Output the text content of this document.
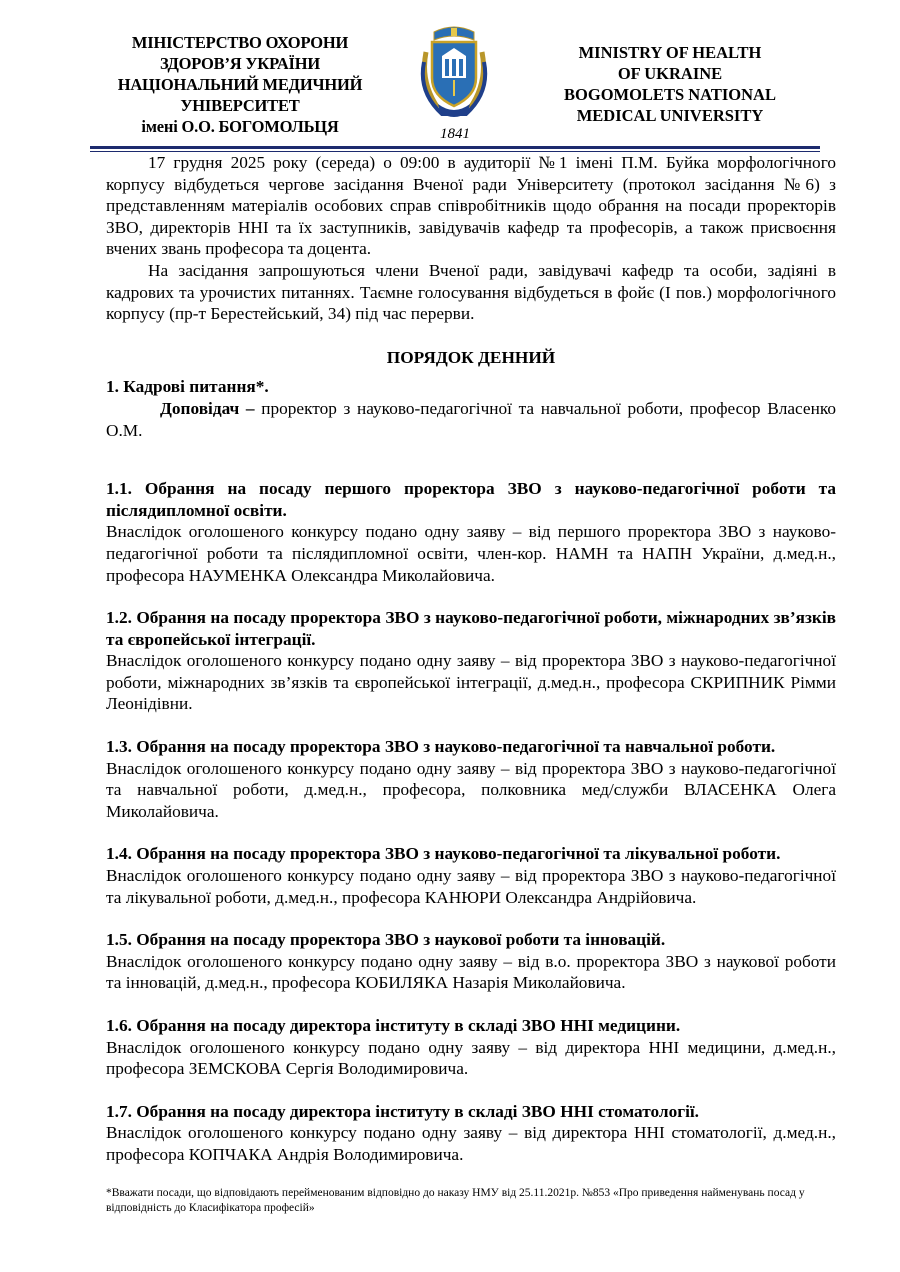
МІНІСТЕРСТВО ОХОРОНИ
ЗДОРОВ’Я УКРАЇНИ
НАЦІОНАЛЬНИЙ МЕДИЧНИЙ
УНІВЕРСИТЕТ
імені О.О. БОГОМОЛЬЦЯ	1841
MINISTRY OF HEALTH
OF UKRAINE
BOGOMOLETS NATIONAL
MEDICAL UNIVERSITY

17 грудня 2025 року (середа) о 09:00 в аудиторії №1 імені П.М. Буйка морфологічного корпусу відбудеться чергове засідання Вченої ради Університету (протокол засідання №6) з представленням матеріалів особових справ співробітників щодо обрання на посади проректорів ЗВО, директорів ННІ та їх заступників, завідувачів кафедр та професорів, а також присвоєння вчених звань професора та доцента.

На засідання запрошуються члени Вченої ради, завідувачі кафедр та особи, задіяні в кадрових та урочистих питаннях. Таємне голосування відбудеться в фойє (І пов.) морфологічного корпусу (пр-т Берестейський, 34) під час перерви.

ПОРЯДОК ДЕННИЙ

1. Кадрові питання*.

Доповідач – проректор з науково-педагогічної та навчальної роботи, професор Власенко О.М.

1.1. Обрання на посаду першого проректора ЗВО з науково-педагогічної роботи та післядипломної освіти.

Внаслідок оголошеного конкурсу подано одну заяву – від першого проректора ЗВО з науково-педагогічної роботи та післядипломної освіти, член-кор. НАМН та НАПН України, д.мед.н., професора НАУМЕНКА Олександра Миколайовича.

1.2. Обрання на посаду проректора ЗВО з науково-педагогічної роботи, міжнародних зв’язків та європейської інтеграції.

Внаслідок оголошеного конкурсу подано одну заяву – від проректора ЗВО з науково-педагогічної роботи, міжнародних зв’язків та європейської інтеграції, д.мед.н., професора СКРИПНИК Рімми Леонідівни.

1.3. Обрання на посаду проректора ЗВО з науково-педагогічної та навчальної роботи.

Внаслідок оголошеного конкурсу подано одну заяву – від проректора ЗВО з науково-педагогічної та навчальної роботи, д.мед.н., професора, полковника мед/служби ВЛАСЕНКА Олега Миколайовича.

1.4. Обрання на посаду проректора ЗВО з науково-педагогічної та лікувальної роботи.

Внаслідок оголошеного конкурсу подано одну заяву – від проректора ЗВО з науково-педагогічної та лікувальної роботи, д.мед.н., професора КАНЮРИ Олександра Андрійовича.

1.5. Обрання на посаду проректора ЗВО з наукової роботи та інновацій.

Внаслідок оголошеного конкурсу подано одну заяву – від в.о. проректора ЗВО з наукової роботи та інновацій, д.мед.н., професора КОБИЛЯКА Назарія Миколайовича.

1.6. Обрання на посаду директора інституту в складі ЗВО ННІ медицини.

Внаслідок оголошеного конкурсу подано одну заяву – від директора ННІ медицини, д.мед.н., професора ЗЕМСКОВА Сергія Володимировича.

1.7. Обрання на посаду директора інституту в складі ЗВО ННІ стоматології.

Внаслідок оголошеного конкурсу подано одну заяву – від директора ННІ стоматології, д.мед.н., професора КОПЧАКА Андрія Володимировича.

*Вважати посади, що відповідають перейменованим відповідно до наказу НМУ від 25.11.2021р. №853 «Про приведення найменувань посад у відповідність до Класифікатора професій»
